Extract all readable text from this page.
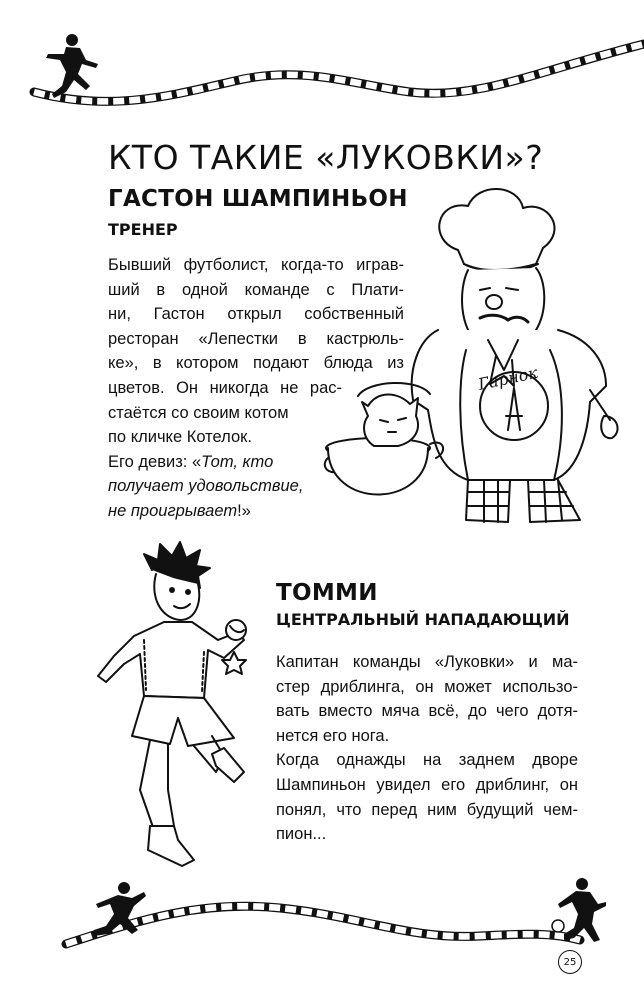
КТО ТАКИЕ «ЛУКОВКИ»?
ГАСТОН ШАМПИНЬОН
ТРЕНЕР
Бывший футболист, когда-то играв-
ший в одной команде с Плати-
ни, Гастон открыл собственный
ресторан «Лепестки в кастрюль-
ке», в котором подают блюда из
цветов. Он никогда не рас-
стаётся со своим котом
по кличке Котелок.
Его девиз: «Тот, кто
получает удовольствие,
не проигрывает!»
Гарнок
ТОММИ
ЦЕНТРАЛЬНЫЙ НАПАДАЮЩИЙ
Капитан команды «Луковки» и ма-
стер дриблинга, он может использо-
вать вместо мяча всё, до чего дотя-
нется его нога.
Когда однажды на заднем дворе
Шампиньон увидел его дриблинг, он
понял, что перед ним будущий чем-
пион...
25
